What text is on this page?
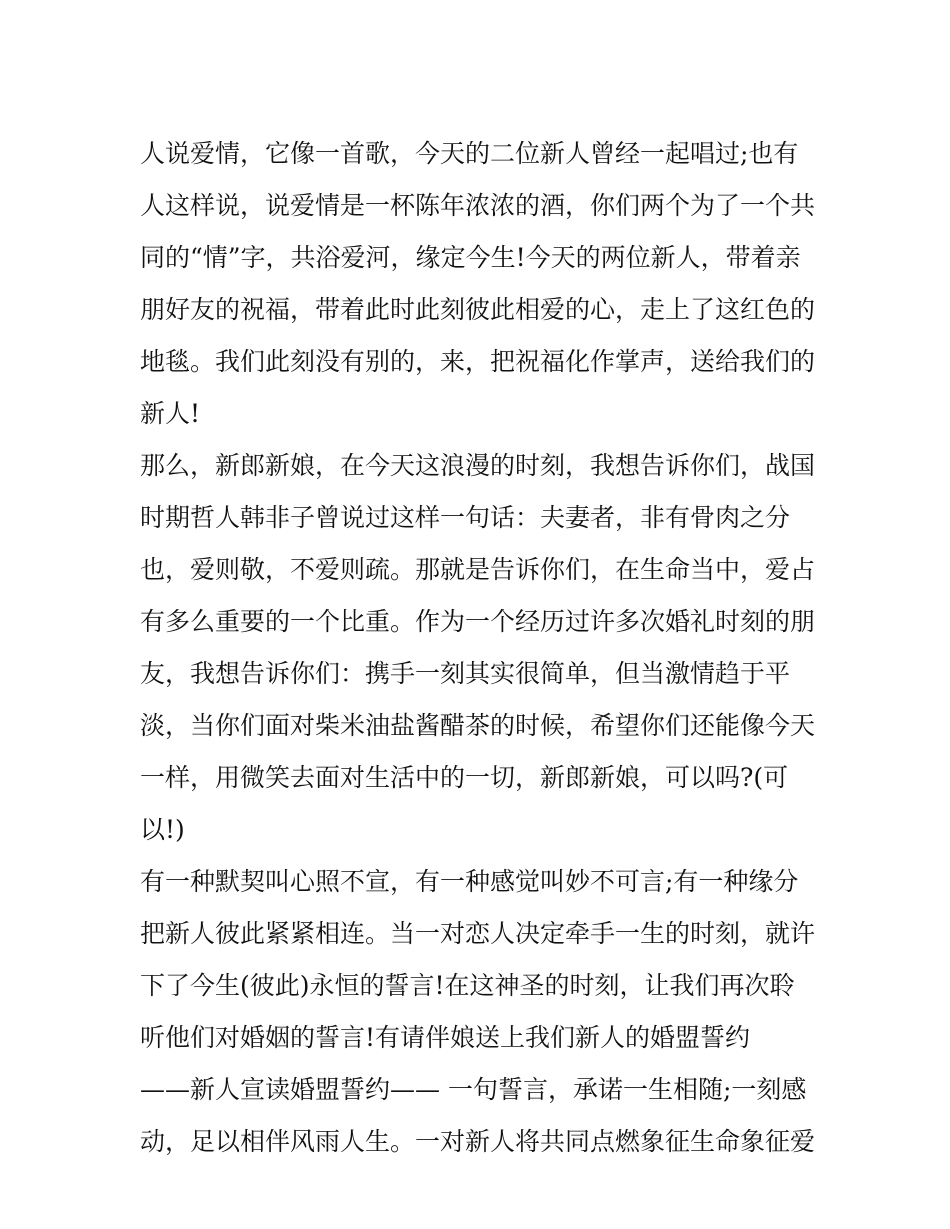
人说爱情，它像一首歌，今天的二位新人曾经一起唱过;也有
人这样说，说爱情是一杯陈年浓浓的酒，你们两个为了一个共
同的“情”字，共浴爱河，缘定今生!今天的两位新人，带着亲
朋好友的祝福，带着此时此刻彼此相爱的心，走上了这红色的
地毯。我们此刻没有别的，来，把祝福化作掌声，送给我们的
新人!
那么，新郎新娘，在今天这浪漫的时刻，我想告诉你们，战国
时期哲人韩非子曾说过这样一句话：夫妻者，非有骨肉之分
也，爱则敬，不爱则疏。那就是告诉你们，在生命当中，爱占
有多么重要的一个比重。作为一个经历过许多次婚礼时刻的朋
友，我想告诉你们：携手一刻其实很简单，但当激情趋于平
淡，当你们面对柴米油盐酱醋茶的时候，希望你们还能像今天
一样，用微笑去面对生活中的一切，新郎新娘，可以吗?(可
以!)
有一种默契叫心照不宣，有一种感觉叫妙不可言;有一种缘分
把新人彼此紧紧相连。当一对恋人决定牵手一生的时刻，就许
下了今生(彼此)永恒的誓言!在这神圣的时刻，让我们再次聆
听他们对婚姻的誓言!有请伴娘送上我们新人的婚盟誓约
——新人宣读婚盟誓约—— 一句誓言，承诺一生相随;一刻感
动，足以相伴风雨人生。一对新人将共同点燃象征生命象征爱
